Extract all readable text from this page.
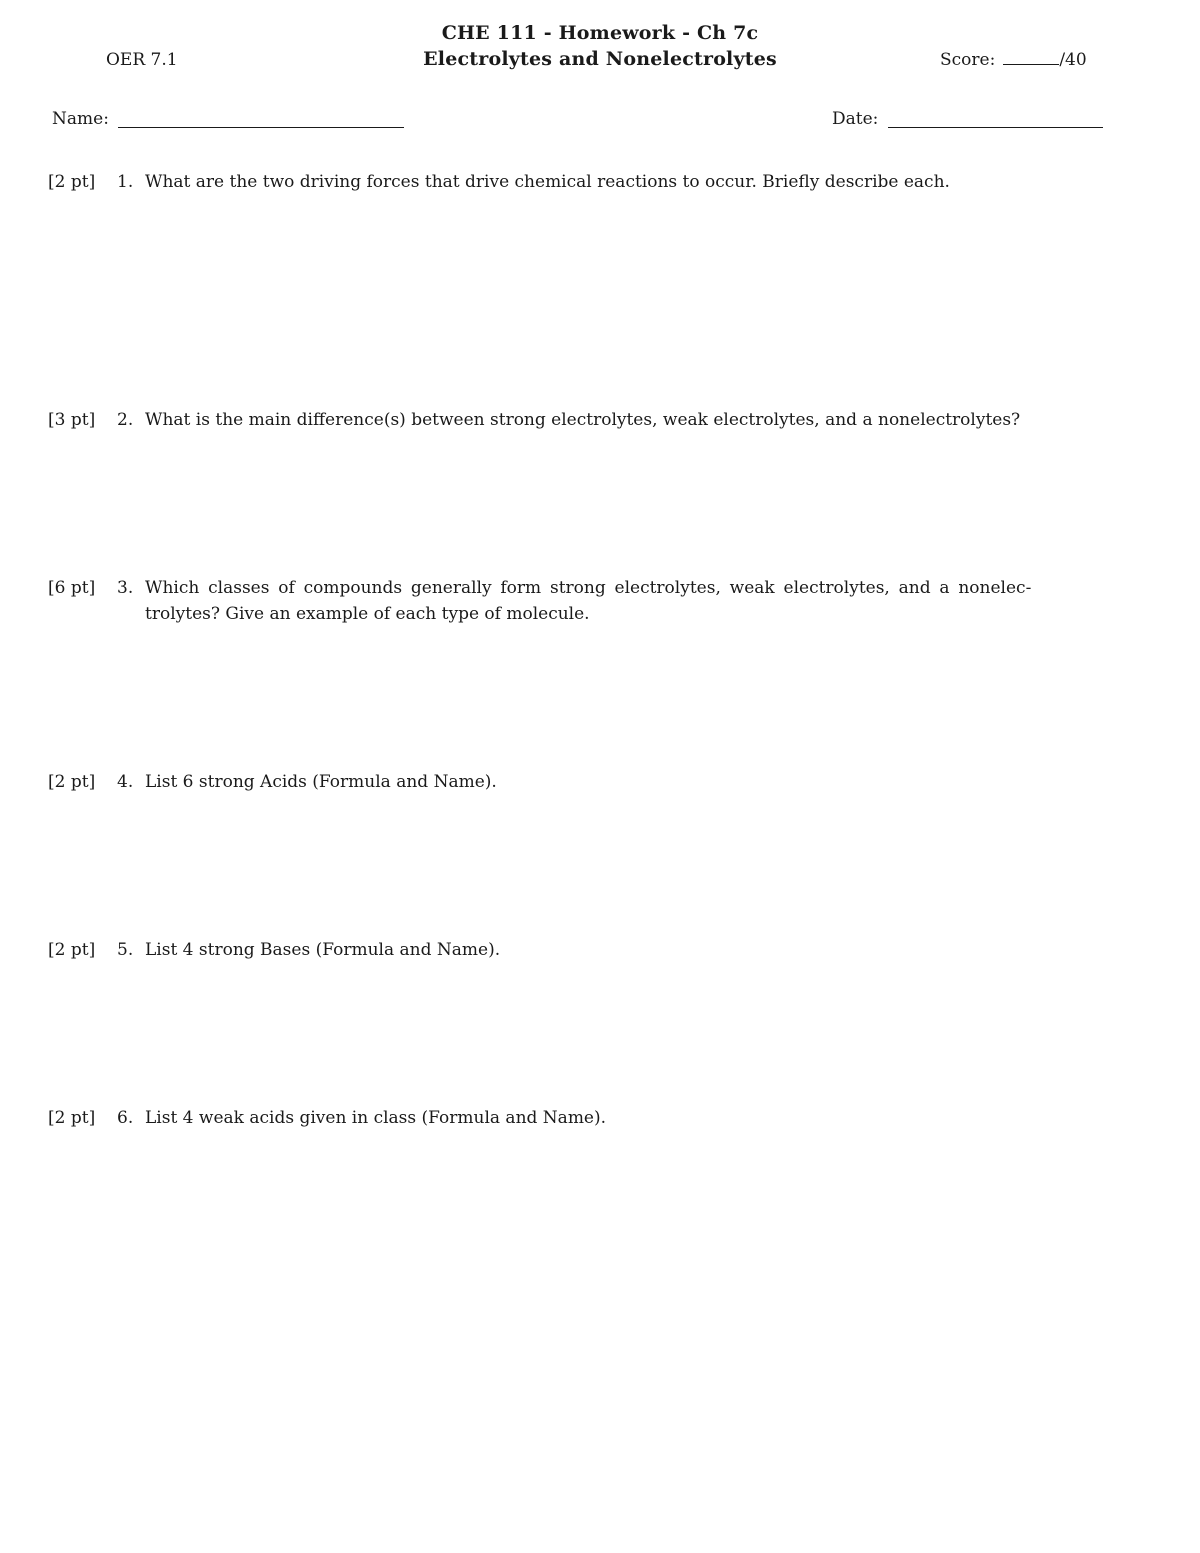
CHE 111 - Homework - Ch 7c
Electrolytes and Nonelectrolytes
OER 7.1	Score:	/40
Name:	Date:
[2 pt] 1. What are the two driving forces that drive chemical reactions to occur. Briefly describe each.
[3 pt] 2. What is the main difference(s) between strong electrolytes, weak electrolytes, and a nonelectrolytes?
[6 pt] 3. Which classes of compounds generally form strong electrolytes, weak electrolytes, and a nonelec-
trolytes? Give an example of each type of molecule.
[2 pt] 4. List 6 strong Acids (Formula and Name).
[2 pt] 5. List 4 strong Bases (Formula and Name).
[2 pt] 6. List 4 weak acids given in class (Formula and Name).
